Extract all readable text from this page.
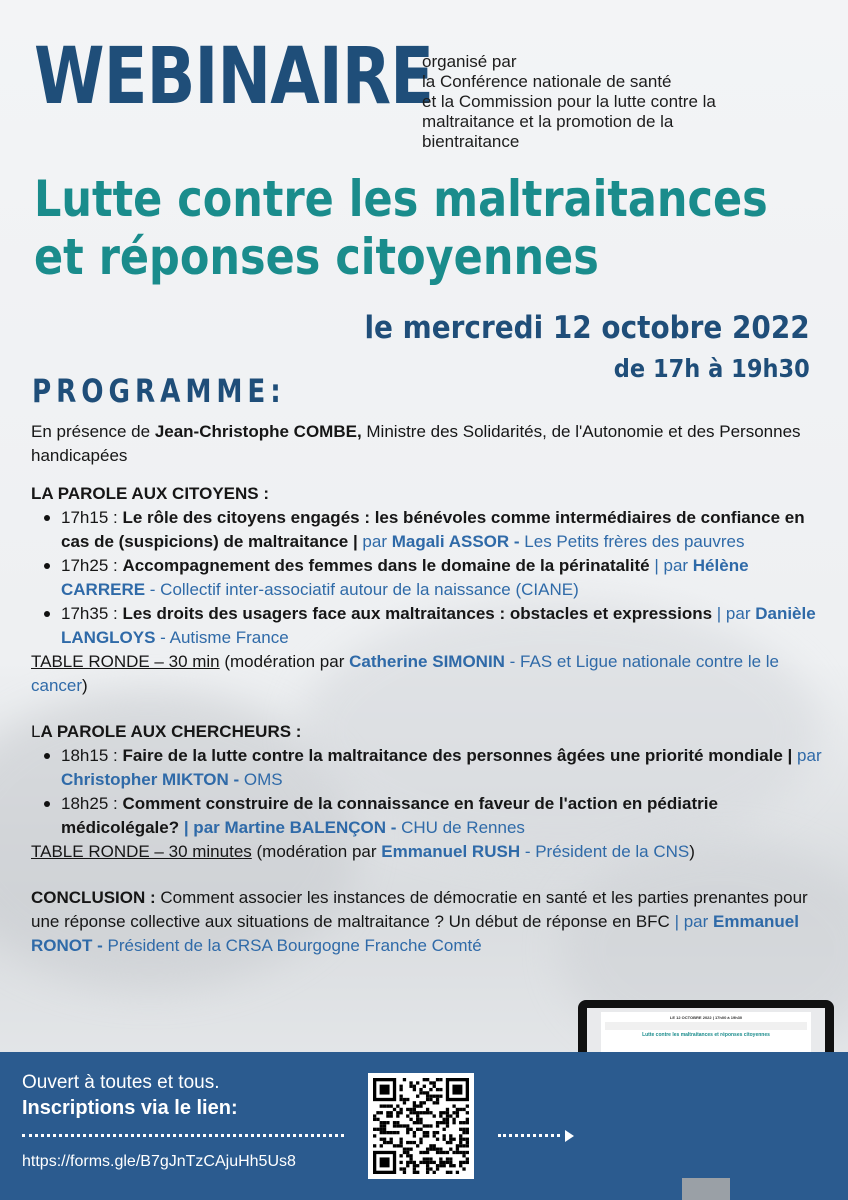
WEBINAIRE
organisé par
la Conférence nationale de santé
et la Commission pour la lutte contre la
maltraitance et la promotion de la
bientraitance
Lutte contre les maltraitances
et réponses citoyennes
le mercredi 12 octobre 2022
de 17h à 19h30
PROGRAMME:
En présence de Jean-Christophe COMBE, Ministre des Solidarités, de l'Autonomie et des Personnes handicapées
LA PAROLE AUX CITOYENS :
17h15 : Le rôle des citoyens engagés : les bénévoles comme intermédiaires de confiance en cas de (suspicions) de maltraitance | par Magali ASSOR - Les Petits frères des pauvres
17h25 : Accompagnement des femmes dans le domaine de la périnatalité | par Hélène CARRERE - Collectif inter-associatif autour de la naissance (CIANE)
17h35 : Les droits des usagers face aux maltraitances : obstacles et expressions | par Danièle LANGLOYS - Autisme France
TABLE RONDE – 30 min (modération par Catherine SIMONIN - FAS et Ligue nationale contre le le cancer)
LA PAROLE AUX CHERCHEURS :
18h15 : Faire de la lutte contre la maltraitance des personnes âgées une priorité mondiale | par Christopher MIKTON - OMS
18h25 : Comment construire de la connaissance en faveur de l'action en pédiatrie médicolégale? | par Martine BALENÇON - CHU de Rennes
TABLE RONDE – 30 minutes (modération par Emmanuel RUSH - Président de la CNS)
CONCLUSION : Comment associer les instances de démocratie en santé et les parties prenantes pour une réponse collective aux situations de maltraitance ? Un début de réponse en BFC | par Emmanuel RONOT - Président de la CRSA Bourgogne Franche Comté
LE 12 OCTOBRE 2022 | 17h00 à 19h30
Lutte contre les maltraitances et réponses citoyennes
Ouvert à toutes et tous.
Inscriptions via le lien:
https://forms.gle/B7gJnTzCAjuHh5Us8
